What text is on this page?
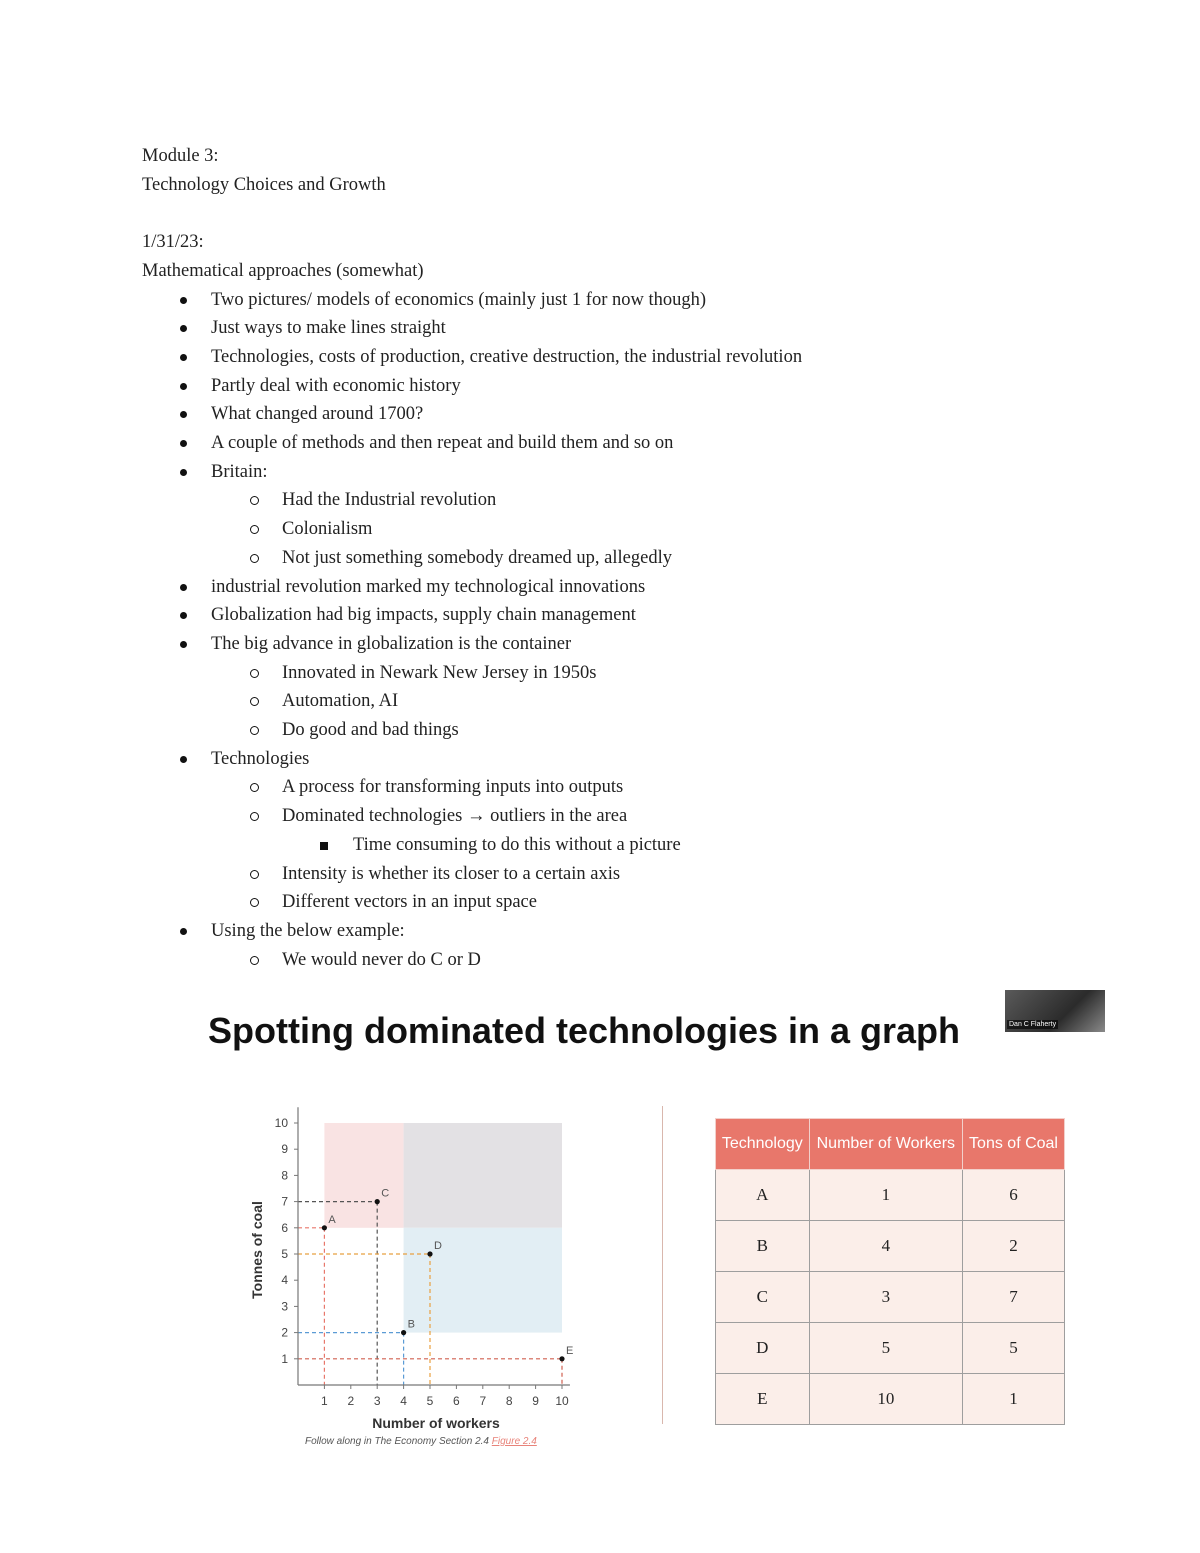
Module 3:
Technology Choices and Growth
1/31/23:
Mathematical approaches (somewhat)
Two pictures/ models of economics (mainly just 1 for now though)
Just ways to make lines straight
Technologies, costs of production, creative destruction, the industrial revolution
Partly deal with economic history
What changed around 1700?
A couple of methods and then repeat and build them and so on
Britain:
Had the Industrial revolution
Colonialism
Not just something somebody dreamed up, allegedly
industrial revolution marked my technological innovations
Globalization had big impacts, supply chain management
The big advance in globalization is the container
Innovated in Newark New Jersey in 1950s
Automation, AI
Do good and bad things
Technologies
A process for transforming inputs into outputs
Dominated technologies → outliers in the area
Time consuming to do this without a picture
Intensity is whether its closer to a certain axis
Different vectors in an input space
Using the below example:
We would never do C or D
Spotting dominated technologies in a graph	Dan C Flaherty
1 2 3 4 5 6 7 8 9 10
1
2
3
4
5
6
7
8
9
10
A
B
C
D
E
Number of workers
Tonnes of coal
Follow along in The Economy Section 2.4 Figure 2.4
Technology	Number of Workers	Tons of Coal
A	1	6
B	4	2
C	3	7
D	5	5
E	10	1
